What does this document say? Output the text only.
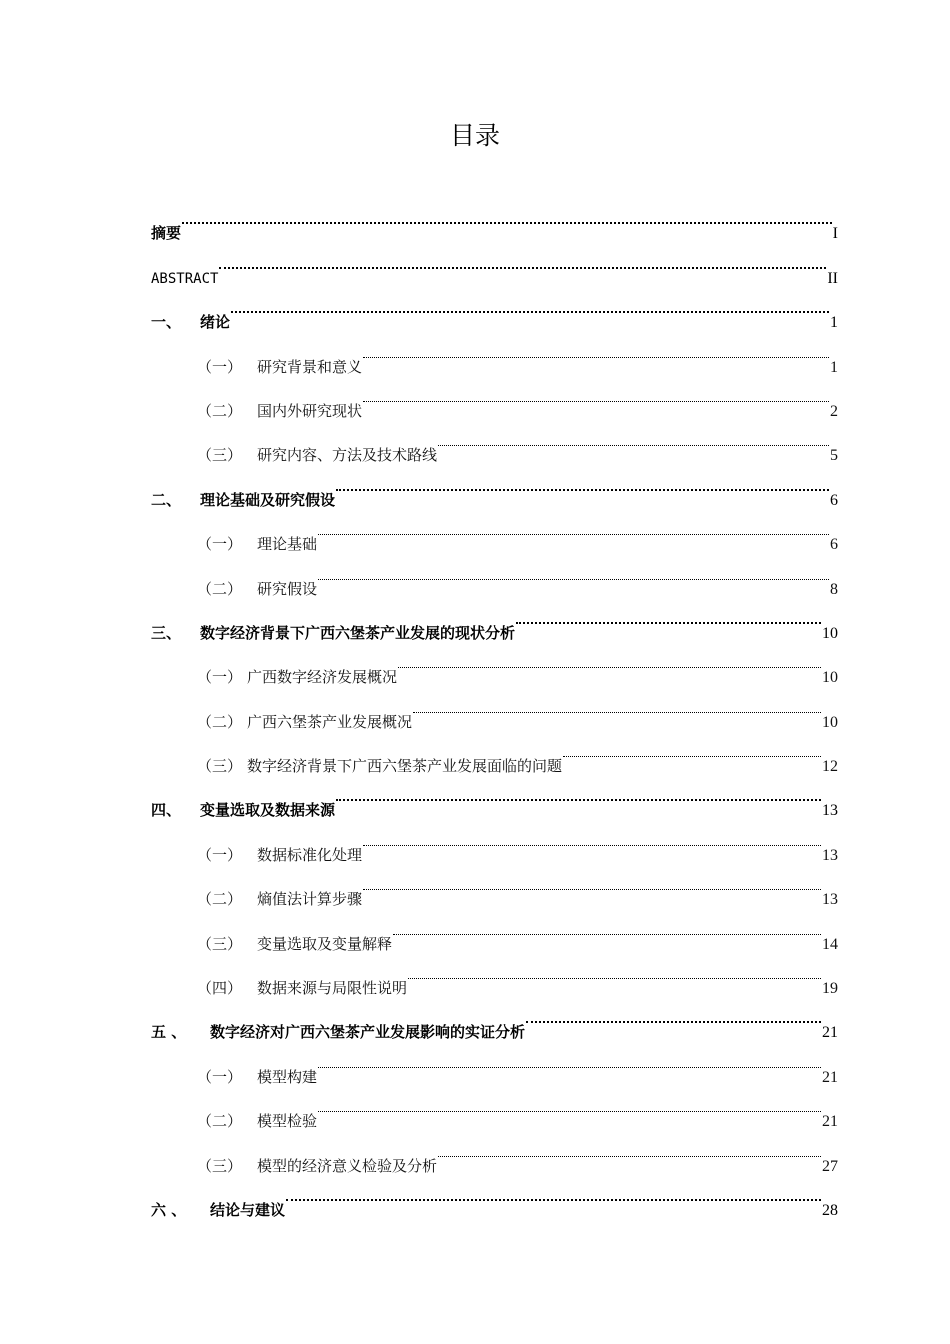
目录
摘要	I
ABSTRACT	II
一、	绪论	1
（一） 研究背景和意义	1
（二） 国内外研究现状	2
（三） 研究内容、方法及技术路线	5
二、	理论基础及研究假设	6
（一） 理论基础	6
（二） 研究假设	8
三、	数字经济背景下广西六堡茶产业发展的现状分析	10
（一） 广西数字经济发展概况	10
（二） 广西六堡茶产业发展概况	10
（三） 数字经济背景下广西六堡茶产业发展面临的问题	12
四、	变量选取及数据来源	13
（一） 数据标准化处理	13
（二） 熵值法计算步骤	13
（三） 变量选取及变量解释	14
（四） 数据来源与局限性说明	19
五 、	数字经济对广西六堡茶产业发展影响的实证分析	21
（一） 模型构建	21
（二） 模型检验	21
（三） 模型的经济意义检验及分析	27
六 、	结论与建议	28
